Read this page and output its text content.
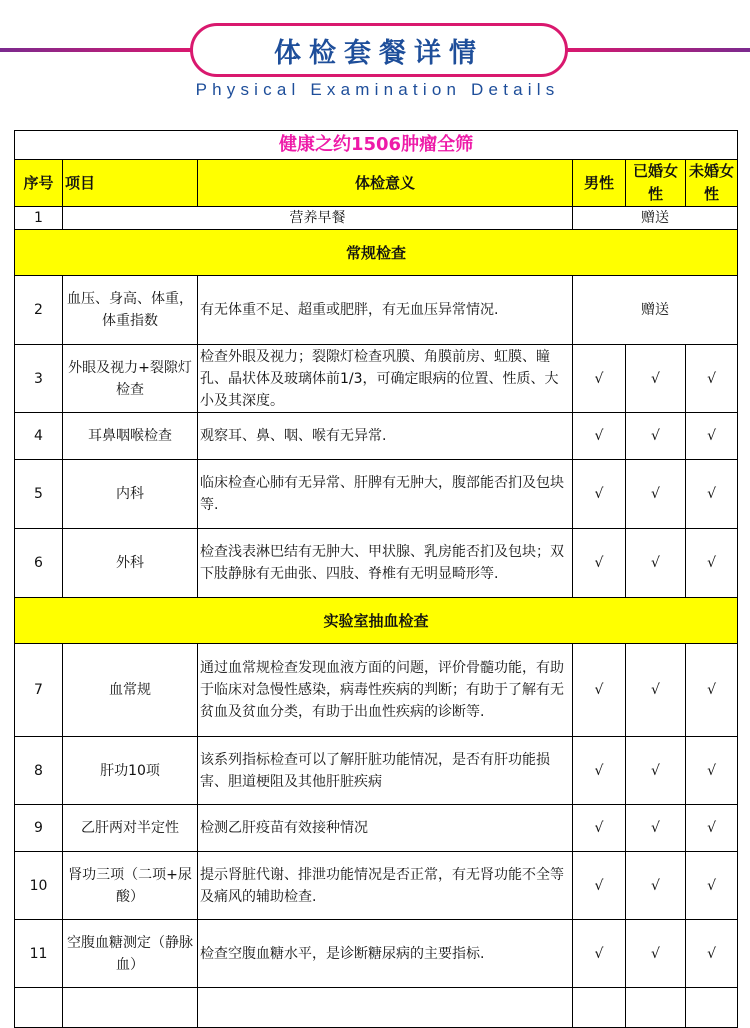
体检套餐详情
Physical Examination Details
健康之约1506肿瘤全筛					
序号	项目	体检意义	男性	已婚女性	未婚女性
1	营养早餐		赠送		
常规检查					
2	血压、身高、体重，体重指数	有无体重不足、超重或肥胖，有无血压异常情况.	赠送		
3	外眼及视力+裂隙灯检查	检查外眼及视力；裂隙灯检查巩膜、角膜前房、虹膜、瞳孔、晶状体及玻璃体前1/3，可确定眼病的位置、性质、大小及其深度。	√	√	√
4	耳鼻咽喉检查	观察耳、鼻、咽、喉有无异常.	√	√	√
5	内科	临床检查心肺有无异常、肝脾有无肿大，腹部能否扪及包块等.	√	√	√
6	外科	检查浅表淋巴结有无肿大、甲状腺、乳房能否扪及包块；双下肢静脉有无曲张、四肢、脊椎有无明显畸形等.	√	√	√
实验室抽血检查					
7	血常规	通过血常规检查发现血液方面的问题，评价骨髓功能，有助于临床对急慢性感染，病毒性疾病的判断；有助于了解有无贫血及贫血分类，有助于出血性疾病的诊断等.	√	√	√
8	肝功10项	该系列指标检查可以了解肝脏功能情况，是否有肝功能损害、胆道梗阻及其他肝脏疾病	√	√	√
9	乙肝两对半定性	检测乙肝疫苗有效接种情况	√	√	√
10	肾功三项（二项+尿酸）	提示肾脏代谢、排泄功能情况是否正常，有无肾功能不全等及痛风的辅助检查.	√	√	√
11	空腹血糖测定（静脉血）	检查空腹血糖水平，是诊断糖尿病的主要指标.	√	√	√
